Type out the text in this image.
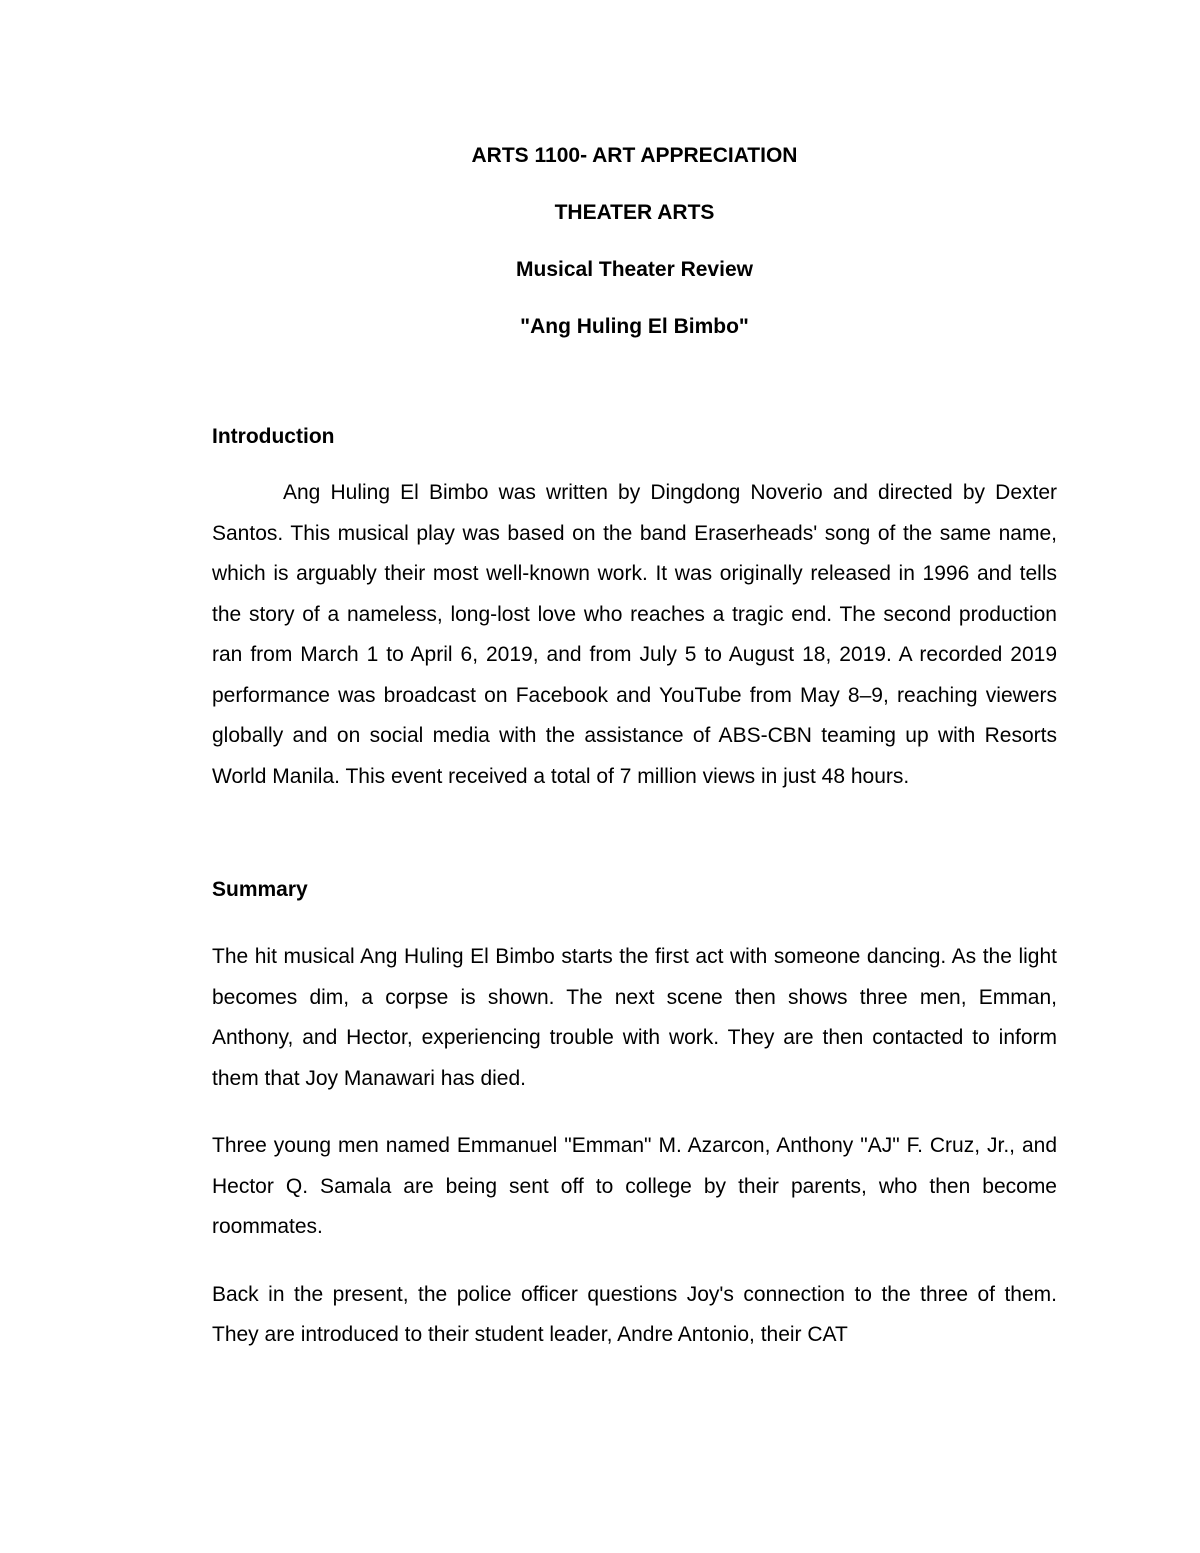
ARTS 1100- ART APPRECIATION

THEATER ARTS

Musical Theater Review

"Ang Huling El Bimbo"

Introduction

Ang Huling El Bimbo was written by Dingdong Noverio and directed by Dexter Santos. This musical play was based on the band Eraserheads' song of the same name, which is arguably their most well-known work. It was originally released in 1996 and tells the story of a nameless, long-lost love who reaches a tragic end. The second production ran from March 1 to April 6, 2019, and from July 5 to August 18, 2019. A recorded 2019 performance was broadcast on Facebook and YouTube from May 8–9, reaching viewers globally and on social media with the assistance of ABS-CBN teaming up with Resorts World Manila. This event received a total of 7 million views in just 48 hours.

Summary

The hit musical Ang Huling El Bimbo starts the first act with someone dancing. As the light becomes dim, a corpse is shown. The next scene then shows three men, Emman, Anthony, and Hector, experiencing trouble with work. They are then contacted to inform them that Joy Manawari has died.

Three young men named Emmanuel "Emman" M. Azarcon, Anthony "AJ" F. Cruz, Jr., and Hector Q. Samala are being sent off to college by their parents, who then become roommates.

Back in the present, the police officer questions Joy's connection to the three of them. They are introduced to their student leader, Andre Antonio, their CAT
